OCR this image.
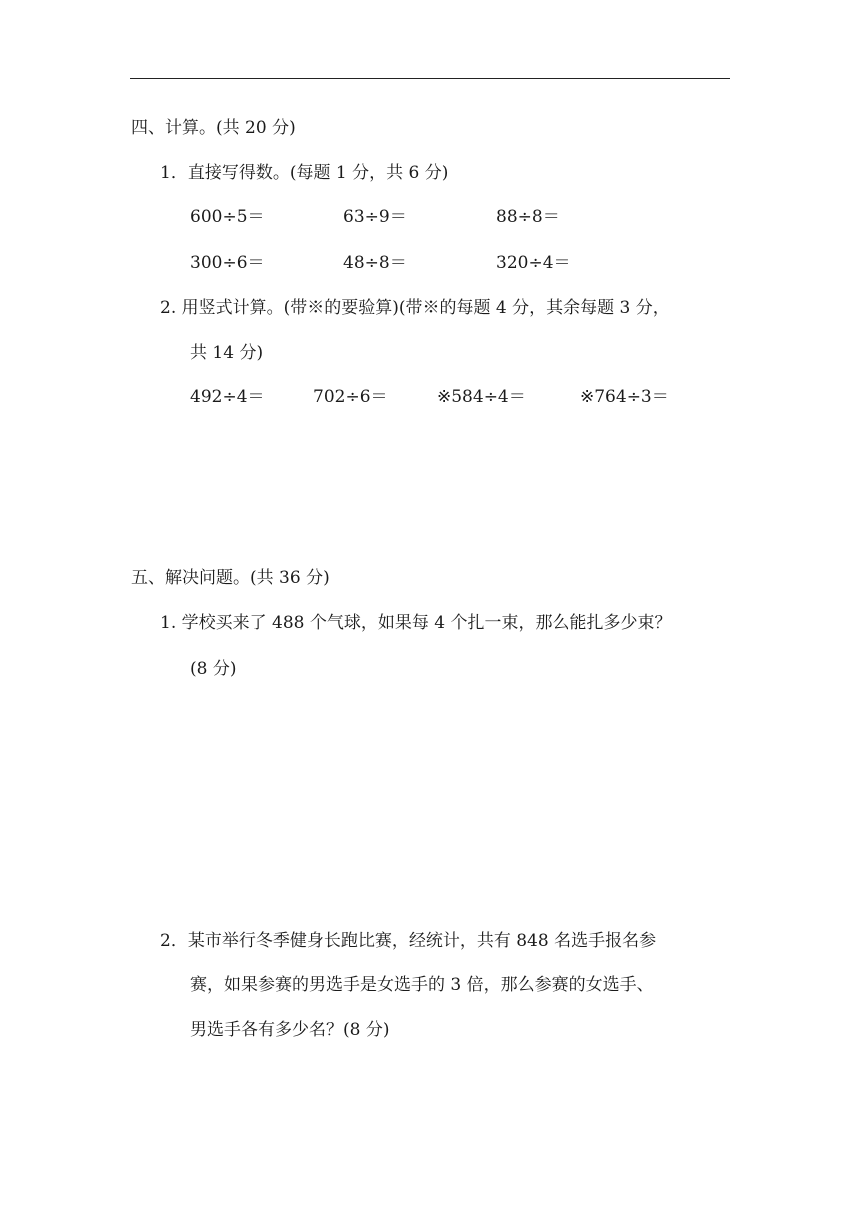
四、计算。(共 20 分)
1．直接写得数。(每题 1 分，共 6 分)
600÷5＝	63÷9＝	88÷8＝
300÷6＝	48÷8＝	320÷4＝
2. 用竖式计算。(带※的要验算)(带※的每题 4 分，其余每题 3 分，
共 14 分)
492÷4＝	702÷6＝	※584÷4＝	※764÷3＝
五、解决问题。(共 36 分)
1. 学校买来了 488 个气球，如果每 4 个扎一束，那么能扎多少束？
(8 分)
2．某市举行冬季健身长跑比赛，经统计，共有 848 名选手报名参
赛，如果参赛的男选手是女选手的 3 倍，那么参赛的女选手、
男选手各有多少名？(8 分)
